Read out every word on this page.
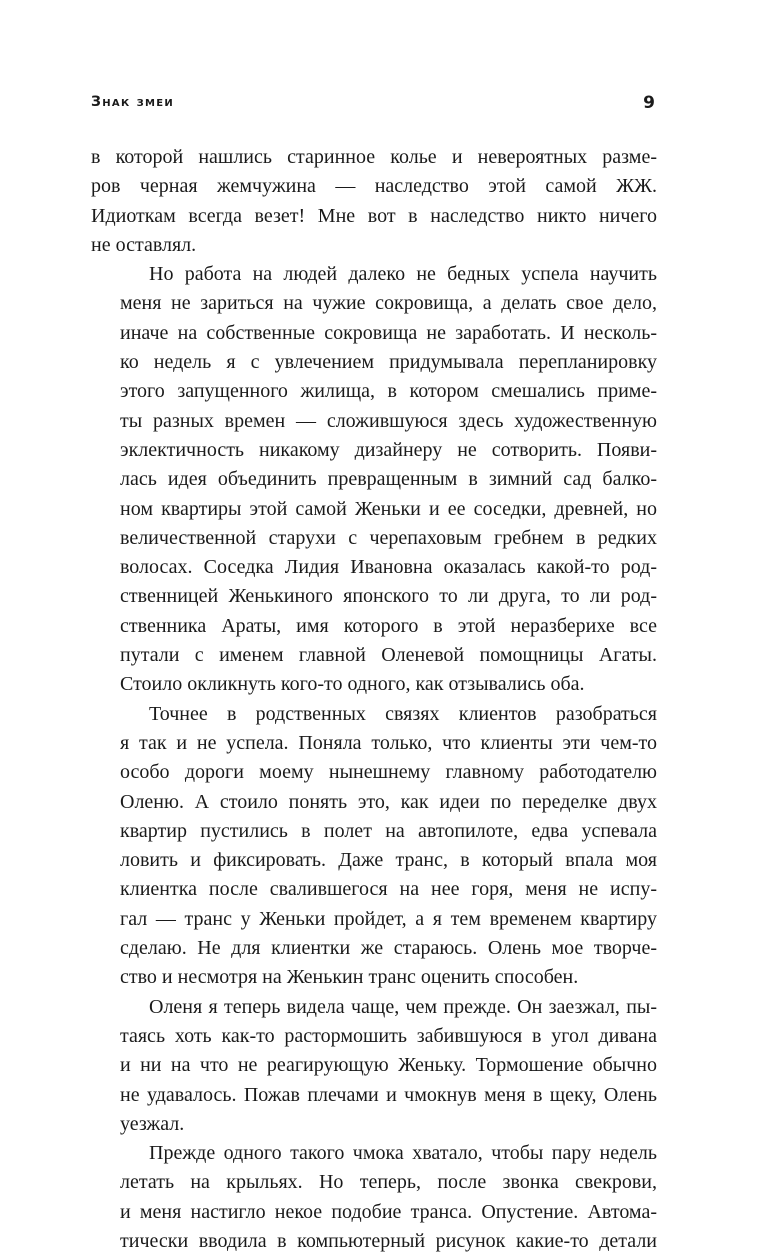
Знак змеи	9
в которой нашлись старинное колье и невероятных разме-
ров черная жемчужина — наследство этой самой ЖЖ.
Идиоткам всегда везет! Мне вот в наследство никто ничего
не оставлял.
Но работа на людей далеко не бедных успела научить
меня не зариться на чужие сокровища, а делать свое дело,
иначе на собственные сокровища не заработать. И несколь-
ко недель я с увлечением придумывала перепланировку
этого запущенного жилища, в котором смешались приме-
ты разных времен — сложившуюся здесь художественную
эклектичность никакому дизайнеру не сотворить. Появи-
лась идея объединить превращенным в зимний сад балко-
ном квартиры этой самой Женьки и ее соседки, древней, но
величественной старухи с черепаховым гребнем в редких
волосах. Соседка Лидия Ивановна оказалась какой-то род-
ственницей Женькиного японского то ли друга, то ли род-
ственника Араты, имя которого в этой неразберихе все
путали с именем главной Оленевой помощницы Агаты.
Стоило окликнуть кого-то одного, как отзывались оба.
Точнее в родственных связях клиентов разобраться
я так и не успела. Поняла только, что клиенты эти чем-то
особо дороги моему нынешнему главному работодателю
Оленю. А стоило понять это, как идеи по переделке двух
квартир пустились в полет на автопилоте, едва успевала
ловить и фиксировать. Даже транс, в который впала моя
клиентка после свалившегося на нее горя, меня не испу-
гал — транс у Женьки пройдет, а я тем временем квартиру
сделаю. Не для клиентки же стараюсь. Олень мое творче-
ство и несмотря на Женькин транс оценить способен.
Оленя я теперь видела чаще, чем прежде. Он заезжал, пы-
таясь хоть как-то растормошить забившуюся в угол дивана
и ни на что не реагирующую Женьку. Тормошение обычно
не удавалось. Пожав плечами и чмокнув меня в щеку, Олень
уезжал.
Прежде одного такого чмока хватало, чтобы пару недель
летать на крыльях. Но теперь, после звонка свекрови,
и меня настигло некое подобие транса. Опустение. Автома-
тически вводила в компьютерный рисунок какие-то детали
